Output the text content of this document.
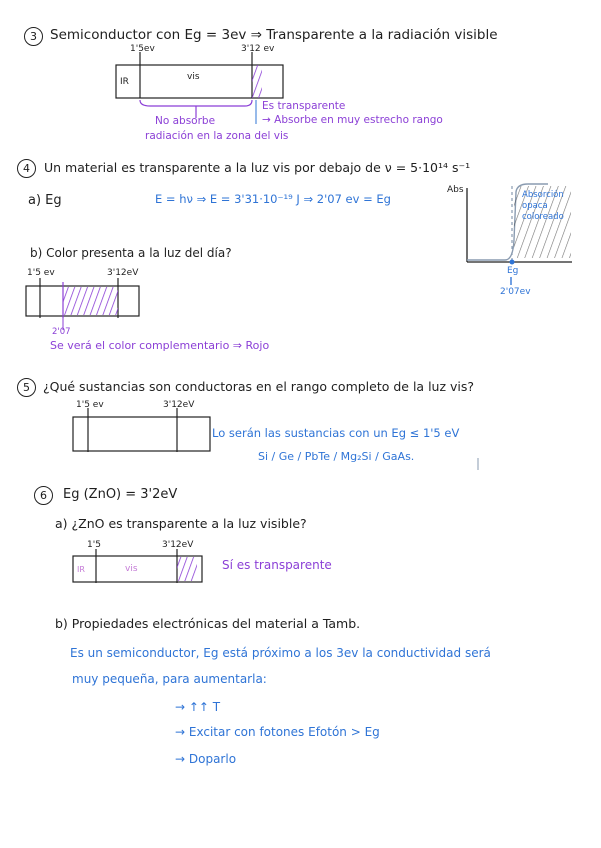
3 Semiconductor con Eg = 3ev ⇒ Transparente a la radiación visible
1'5ev	3'12 ev
IR	vis
Es transparente
No absorbe
radiación en la zona del vis
→ Absorbe en muy estrecho rango
4	Un material es transparente a la luz vis por debajo de ν = 5·10¹⁴ s⁻¹
a) Eg	E = hν ⇒ E = 3'31·10⁻¹⁹ J ⇒ 2'07 ev = Eg
Abs	Absorción opaca coloreado
Eg
‖
2'07ev
b) Color presenta a la luz del día?
1'5 ev	3'12eV
2'07
Se verá el color complementario ⇒ Rojo
5	¿Qué sustancias son conductoras en el rango completo de la luz vis?
1'5 ev	3'12eV
Lo serán las sustancias con un Eg ≤ 1'5 eV
Si / Ge / PbTe / Mg₂Si / GaAs.
6	Eg (ZnO) = 3'2eV
a) ¿ZnO es transparente a la luz visible?
1'5	3'12eV
IR	vis	Sí es transparente
b) Propiedades electrónicas del material a Tamb.
Es un semiconductor, Eg está próximo a los 3ev la conductividad será
muy pequeña, para aumentarla:
→ ↑↑ T
→ Excitar con fotones Efotón > Eg
→ Doparlo
